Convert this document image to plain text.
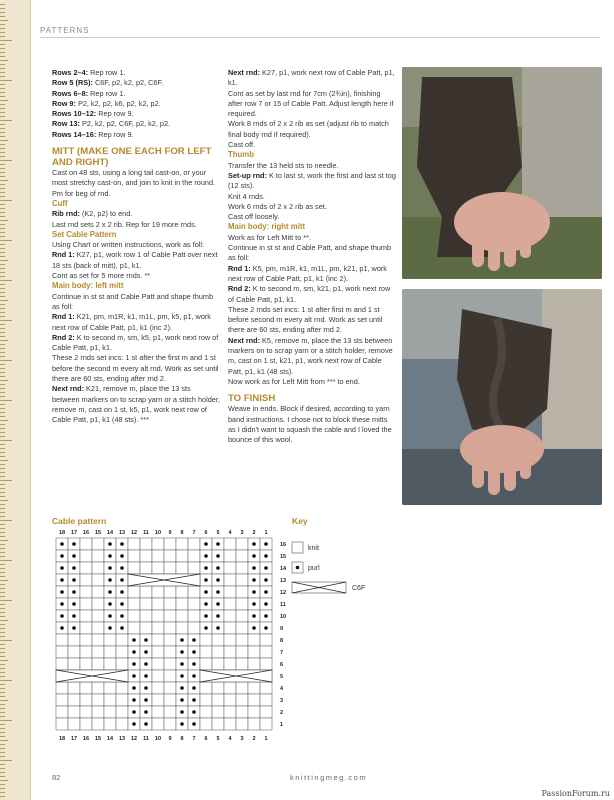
PATTERNS

Rows 2–4: Rep row 1.

Row 5 (RS): C6F, p2, k2, p2, C6F.

Rows 6–8: Rep row 1.

Row 9: P2, k2, p2, k6, p2, k2, p2.

Rows 10–12: Rep row 9.

Row 13: P2, k2, p2, C6F, p2, k2, p2.

Rows 14–16: Rep row 9.

MITT (MAKE ONE EACH FOR LEFT AND RIGHT)

Cast on 48 sts, using a long tail cast-on, or your most stretchy cast-on, and join to knit in the round. Pm for beg of rnd.

Cuff

Rib rnd: (K2, p2) to end.

Last rnd sets 2 x 2 rib. Rep for 19 more rnds.

Set Cable Pattern

Using Chart or written instructions, work as foll:

Rnd 1: K27, p1, work row 1 of Cable Patt over next 18 sts (back of mitt), p1, k1.

Cont as set for 5 more rnds. **

Main body: left mitt

Continue in st st and Cable Patt and shape thumb as foll:

Rnd 1: K21, pm, m1R, k1, m1L, pm, k5, p1, work next row of Cable Patt, p1, k1 (inc 2).

Rnd 2: K to second m, sm, k5, p1, work next row of Cable Patt, p1, k1.

These 2 rnds set incs: 1 st after the first m and 1 st before the second m every alt rnd. Work as set until there are 60 sts, ending after rnd 2.

Next rnd: K21, remove m, place the 13 sts between markers on to scrap yarn or a stitch holder, remove m, cast on 1 st, k5, p1, work next row of Cable Patt, p1, k1 (48 sts). ***

Next rnd: K27, p1, work next row of Cable Patt, p1, k1.

Cont as set by last rnd for 7cm (2¾in), finishing after row 7 or 15 of Cable Patt. Adjust length here if required.

Work 8 rnds of 2 x 2 rib as set (adjust rib to match final body rnd if required).

Cast off.

Thumb

Transfer the 13 held sts to needle.

Set-up rnd: K to last st, work the first and last st tog (12 sts).

Knit 4 rnds.

Work 6 rnds of 2 x 2 rib as set.

Cast off loosely.

Main body: right mitt

Work as for Left Mitt to **.

Continue in st st and Cable Patt, and shape thumb as foll:

Rnd 1: K5, pm, m1R, k1, m1L, pm, k21, p1, work next row of Cable Patt, p1, k1 (inc 2).

Rnd 2: K to second m, sm, k21, p1, work next row of Cable Patt, p1, k1.

These 2 rnds set incs: 1 st after first m and 1 st before second m every alt rnd. Work as set until there are 60 sts, ending after rnd 2.

Next rnd: K5, remove m, place the 13 sts between markers on to scrap yarn or a stitch holder, remove m, cast on 1 st, k21, p1, work next row of Cable Patt, p1, k1 (48 sts).

Now work as for Left Mitt from *** to end.

TO FINISH

Weave in ends. Block if desired, according to yarn band instructions. I chose not to block these mitts as I didn't want to squash the cable and I loved the bounce of this wool.

Cable pattern
18
18
17
17
16
16
15
15
14
14
13
13
12
12
11
11
10
10
9
9
8
8
7
7
6
6
5
5
4
4
3
3
2
2
1
1
16
15
14
13
12
11
10
9
8
7
6
5
4
3
2
1
Key
knit
purl
C6F
82	knittingmeg.com
PassionForum.ru
